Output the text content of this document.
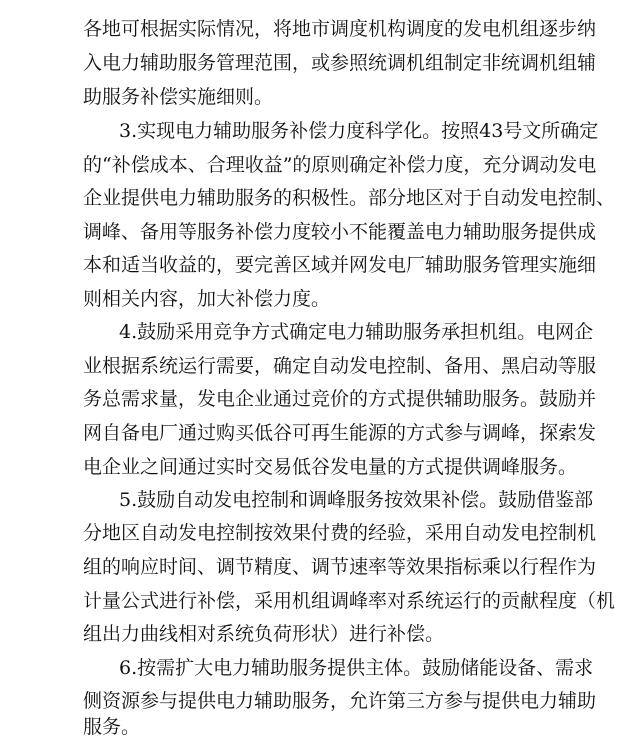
各地可根据实际情况，将地市调度机构调度的发电机组逐步纳
入电力辅助服务管理范围，或参照统调机组制定非统调机组辅
助服务补偿实施细则。
3.实现电力辅助服务补偿力度科学化。按照43号文所确定
的“补偿成本、合理收益”的原则确定补偿力度，充分调动发电
企业提供电力辅助服务的积极性。部分地区对于自动发电控制、
调峰、备用等服务补偿力度较小不能覆盖电力辅助服务提供成
本和适当收益的，要完善区域并网发电厂辅助服务管理实施细
则相关内容，加大补偿力度。
4.鼓励采用竞争方式确定电力辅助服务承担机组。电网企
业根据系统运行需要，确定自动发电控制、备用、黑启动等服
务总需求量，发电企业通过竞价的方式提供辅助服务。鼓励并
网自备电厂通过购买低谷可再生能源的方式参与调峰，探索发
电企业之间通过实时交易低谷发电量的方式提供调峰服务。
5.鼓励自动发电控制和调峰服务按效果补偿。鼓励借鉴部
分地区自动发电控制按效果付费的经验，采用自动发电控制机
组的响应时间、调节精度、调节速率等效果指标乘以行程作为
计量公式进行补偿，采用机组调峰率对系统运行的贡献程度（机
组出力曲线相对系统负荷形状）进行补偿。
6.按需扩大电力辅助服务提供主体。鼓励储能设备、需求
侧资源参与提供电力辅助服务，允许第三方参与提供电力辅助
服务。
